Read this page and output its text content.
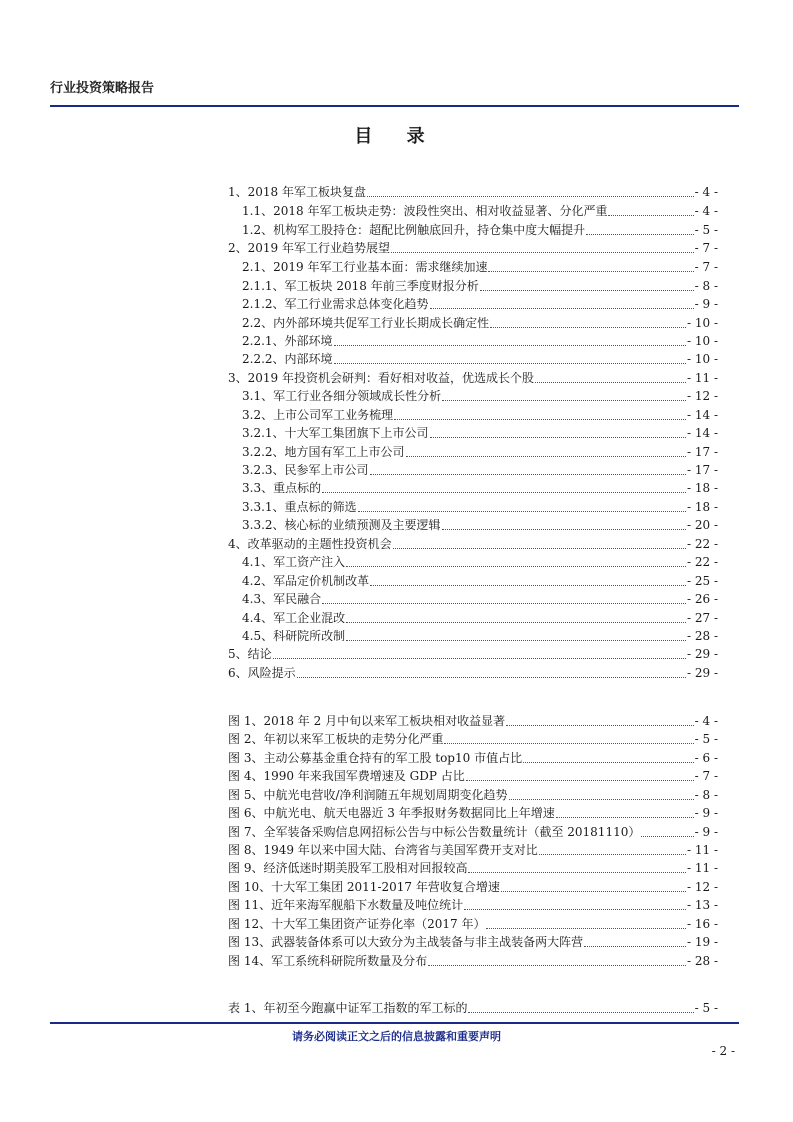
行业投资策略报告
目 录
1、2018 年军工板块复盘	- 4 -
1.1、2018 年军工板块走势：波段性突出、相对收益显著、分化严重	- 4 -
1.2、机构军工股持仓：超配比例触底回升，持仓集中度大幅提升	- 5 -
2、2019 年军工行业趋势展望	- 7 -
2.1、2019 年军工行业基本面：需求继续加速	- 7 -
2.1.1、军工板块 2018 年前三季度财报分析	- 8 -
2.1.2、军工行业需求总体变化趋势	- 9 -
2.2、内外部环境共促军工行业长期成长确定性	- 10 -
2.2.1、外部环境	- 10 -
2.2.2、内部环境	- 10 -
3、2019 年投资机会研判：看好相对收益，优选成长个股	- 11 -
3.1、军工行业各细分领域成长性分析	- 12 -
3.2、上市公司军工业务梳理	- 14 -
3.2.1、十大军工集团旗下上市公司	- 14 -
3.2.2、地方国有军工上市公司	- 17 -
3.2.3、民参军上市公司	- 17 -
3.3、重点标的	- 18 -
3.3.1、重点标的筛选	- 18 -
3.3.2、核心标的业绩预测及主要逻辑	- 20 -
4、改革驱动的主题性投资机会	- 22 -
4.1、军工资产注入	- 22 -
4.2、军品定价机制改革	- 25 -
4.3、军民融合	- 26 -
4.4、军工企业混改	- 27 -
4.5、科研院所改制	- 28 -
5、结论	- 29 -
6、风险提示	- 29 -
图 1、2018 年 2 月中旬以来军工板块相对收益显著	- 4 -
图 2、年初以来军工板块的走势分化严重	- 5 -
图 3、主动公募基金重仓持有的军工股 top10 市值占比	- 6 -
图 4、1990 年来我国军费增速及 GDP 占比	- 7 -
图 5、中航光电营收/净利润随五年规划周期变化趋势	- 8 -
图 6、中航光电、航天电器近 3 年季报财务数据同比上年增速	- 9 -
图 7、全军装备采购信息网招标公告与中标公告数量统计（截至 20181110）	- 9 -
图 8、1949 年以来中国大陆、台湾省与美国军费开支对比	- 11 -
图 9、经济低迷时期美股军工股相对回报较高	- 11 -
图 10、十大军工集团 2011-2017 年营收复合增速	- 12 -
图 11、近年来海军舰船下水数量及吨位统计	- 13 -
图 12、十大军工集团资产证券化率（2017 年）	- 16 -
图 13、武器装备体系可以大致分为主战装备与非主战装备两大阵营	- 19 -
图 14、军工系统科研院所数量及分布	- 28 -
表 1、年初至今跑赢中证军工指数的军工标的	- 5 -
请务必阅读正文之后的信息披露和重要声明
- 2 -
